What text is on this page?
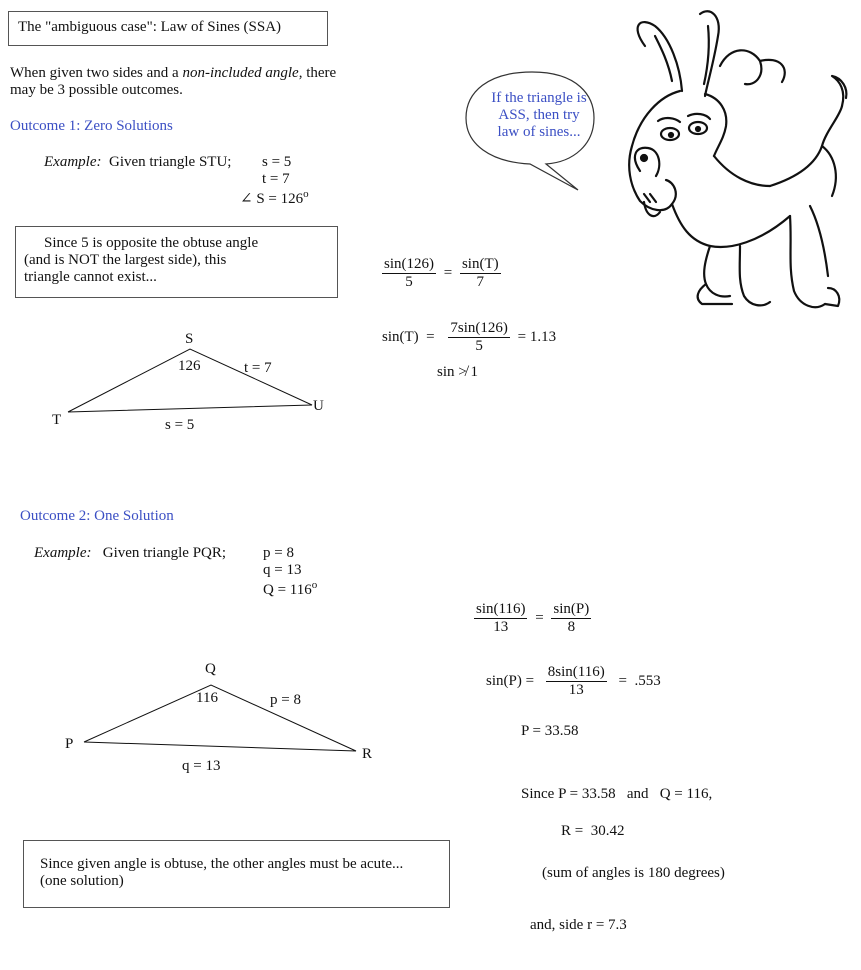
The "ambiguous case": Law of Sines (SSA)
When given two sides and a non-included angle, there
may be 3 possible outcomes.	If the triangle is
ASS, then try
law of sines...
Outcome 1: Zero Solutions
Example: Given triangle STU; s = 5
t = 7
∠ $S = 126^o$
Since 5 is opposite the obtuse angle
(and is NOT the largest side), this
triangle cannot exist...	$\frac{\sin(126)}{5} = \frac{\sin(T)}{7}$
$\sin(T) = \frac{7\sin(126)}{5} = 1.13$
sin ≯ 1
S
T
U
126	t = 7
s = 5
Outcome 2: One Solution
Example: Given triangle PQR; p = 8
q = 13
$Q = 116^o$
$\frac{\sin(116)}{13} = \frac{\sin(P)}{8}$
$\sin(P) = \frac{8\sin(116)}{13} = .553$
P = 33.58
Since P = 33.58   and   Q = 116,
R =  30.42
(sum of angles is 180 degrees)
and, side r = 7.3
Q
P
R
116	p = 8
q = 13
Since given angle is obtuse, the other angles must be acute...
(one solution)
